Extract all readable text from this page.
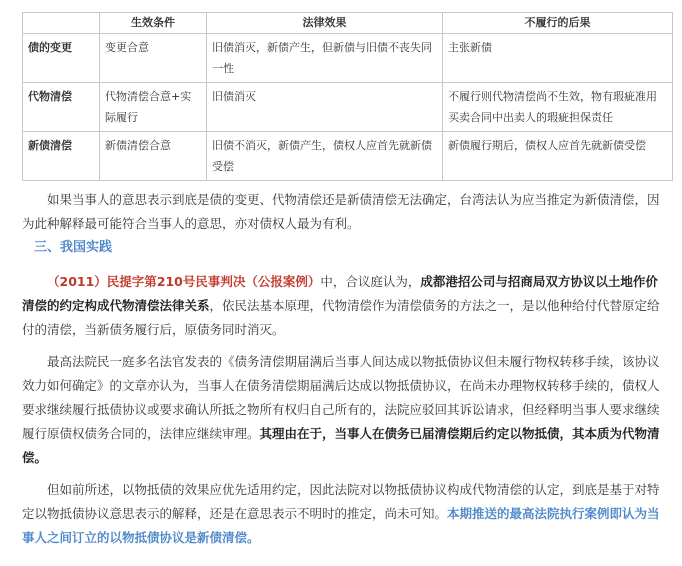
	生效条件	法律效果	不履行的后果
债的变更	变更合意	旧债消灭，新债产生，但新债与旧债不丧失同一性	主张新债
代物清偿	代物清偿合意+实际履行	旧债消灭	不履行则代物清偿尚不生效，物有瑕疵准用买卖合同中出卖人的瑕疵担保责任
新债清偿	新债清偿合意	旧债不消灭，新债产生，债权人应首先就新债受偿	新债履行期后，债权人应首先就新债受偿

如果当事人的意思表示到底是债的变更、代物清偿还是新债清偿无法确定，台湾法认为应当推定为新债清偿，因为此种解释最可能符合当事人的意思，亦对债权人最为有利。

三、我国实践

（2011）民提字第210号民事判决（公报案例）中，合议庭认为，成都港招公司与招商局双方协议以土地作价清偿的约定构成代物清偿法律关系，依民法基本原理，代物清偿作为清偿债务的方法之一，是以他种给付代替原定给付的清偿，当新债务履行后，原债务同时消灭。

最高法院民一庭多名法官发表的《债务清偿期届满后当事人间达成以物抵债协议但未履行物权转移手续，该协议效力如何确定》的文章亦认为，当事人在债务清偿期届满后达成以物抵债协议，在尚未办理物权转移手续的，债权人要求继续履行抵债协议或要求确认所抵之物所有权归自己所有的，法院应驳回其诉讼请求，但经释明当事人要求继续履行原债权债务合同的，法律应继续审理。其理由在于，当事人在债务已届清偿期后约定以物抵债，其本质为代物清偿。

但如前所述，以物抵债的效果应优先适用约定，因此法院对以物抵债协议构成代物清偿的认定，到底是基于对特定以物抵债协议意思表示的解释，还是在意思表示不明时的推定，尚未可知。本期推送的最高法院执行案例即认为当事人之间订立的以物抵债协议是新债清偿。
